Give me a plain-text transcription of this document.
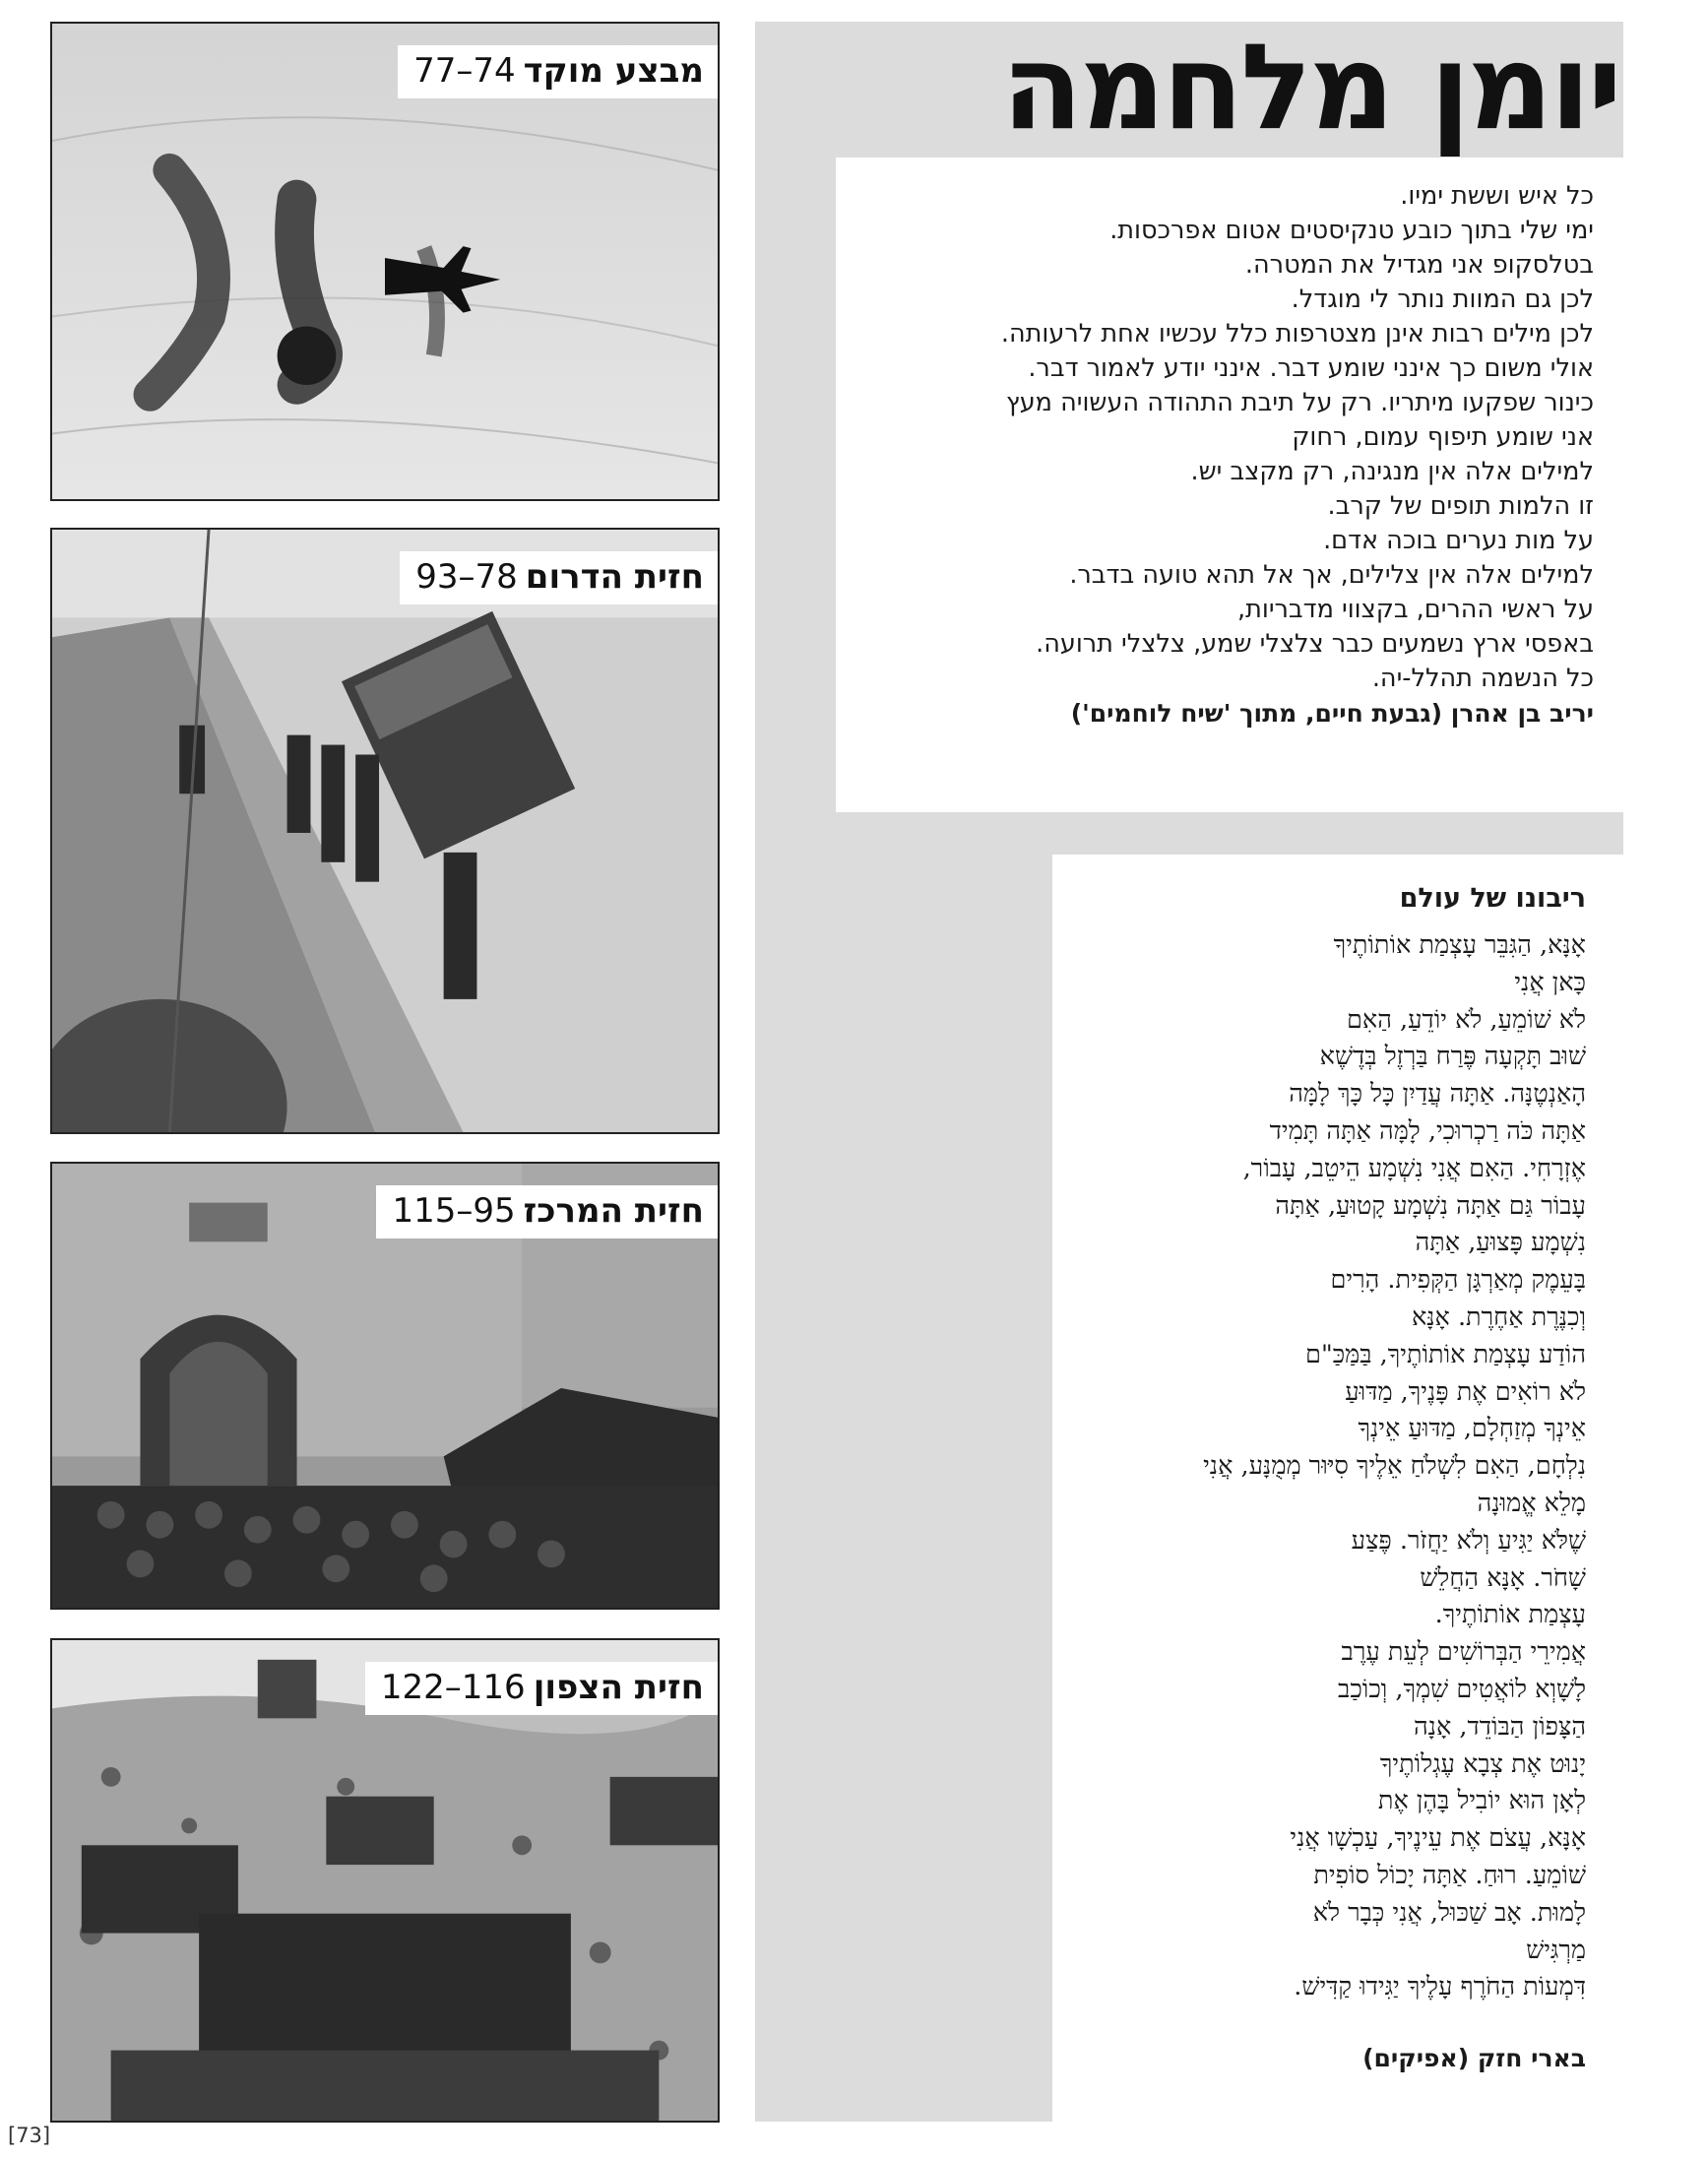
יומן מלחמה

כל איש וששת ימיו.

ימי שלי בתוך כובע טנקיסטים אטום אפרכסות.

בטלסקופ אני מגדיל את המטרה.

לכן גם המוות נותר לי מוגדל.

לכן מילים רבות אינן מצטרפות כלל עכשיו אחת לרעותה.

אולי משום כך אינני שומע דבר. אינני יודע לאמור דבר.

כינור שפקעו מיתריו. רק על תיבת התהודה העשויה מעץ

אני שומע תיפוף עמום, רחוק

למילים אלה אין מנגינה, רק מקצב יש.

זו הלמות תופים של קרב.

על מות נערים בוכה אדם.

למילים אלה אין צלילים, אך אל תהא טועה בדבר.

על ראשי ההרים, בקצווי מדבריות,

באפסי ארץ נשמעים כבר צלצלי שמע, צלצלי תרועה.

כל הנשמה תהלל-יה.

יריב בן אהרן (גבעת חיים, מתוך 'שיח לוחמים')

ריבונו של עולם

אָנָּא, הַגִּבֵּר עָצְמַת אוֹתוֹתֶיךָ

כָּאן אֲנִי

לֹא שׁוֹמֵעַ, לֹא יוֹדֵעַ, הַאִם

שׁוּב תָּקְעָה פֶּרַח בַּרְזֶל בְּדֶשֶׁא

הָאַנְטֶנָּה. אַתָּה עֲדַיִן כָּל כָּךְ לָמָּה

אַתָּה כֹּה רַכְרוּכִי, לָמָּה אַתָּה תָּמִיד

אֶזְרָחִי. הַאִם אֲנִי נִשְׁמָע הֵיטֵב, עָבוֹר,

עָבוֹר גַּם אַתָּה נִשְׁמָע קָטוּעַ, אַתָּה

נִשְׁמָע פָּצוּעַ, אַתָּה

בָּעֵמֶק מְאַרְגָּן הַקְּפִית. הָרִים

וְכִנֶּרֶת אַחֶרֶת. אָנָּא

הוֹדַע עָצְמַת אוֹתוֹתֶיךָ, בַּמַּכַּ"ם

לֹא רוֹאִים אֶת פָּנֶיךָ, מַדּוּעַ

אֵינְךָ מְזַחְלָם, מַדּוּעַ אֵינְךָ

נִלְחָם, הַאִם לִשְׁלֹחַ אֵלֶיךָ סִיּוּר מְמֻנָּע, אֲנִי

מָלֵא אֱמוּנָה

שֶׁלֹּא יַגִּיעַ וְלֹא יַחֲזֹר. פֶּצַע

שָׁחֹר. אָנָּא הַחֲלֵשׁ

עָצְמַת אוֹתוֹתֶיךָ.

אֲמִירֵי הַבְּרוֹשִׁים לְעֵת עֶרֶב

לָשָׁוְא לוֹאֲטִים שִׁמְךָ, וְכוֹכַב

הַצָּפוֹן הַבּוֹדֵד, אָנָה

יָנוּט אֶת צְבָא עֶגְלוֹתֶיךָ

לְאָן הוּא יוֹבִיל בָּהֶן אֶת

אָנָּא, עֲצֹם אֶת עֵינֶיךָ, עַכְשָׁו אֲנִי

שׁוֹמֵעַ. רוּחַ. אַתָּה יָכוֹל סוֹפִית

לָמוּת. אָב שַׁכּוּל, אֲנִי כְּבָר לֹא

מַרְגִּישׁ

דִּמְעוֹת הַחֹרֶף עָלֶיךָ יַגִּידוּ קַדִּישׁ.

בארי חזק (אפיקים)

מבצע מוקד74–77
חזית הדרום78–93
חזית המרכז95–115
חזית הצפון116–122
[73]
